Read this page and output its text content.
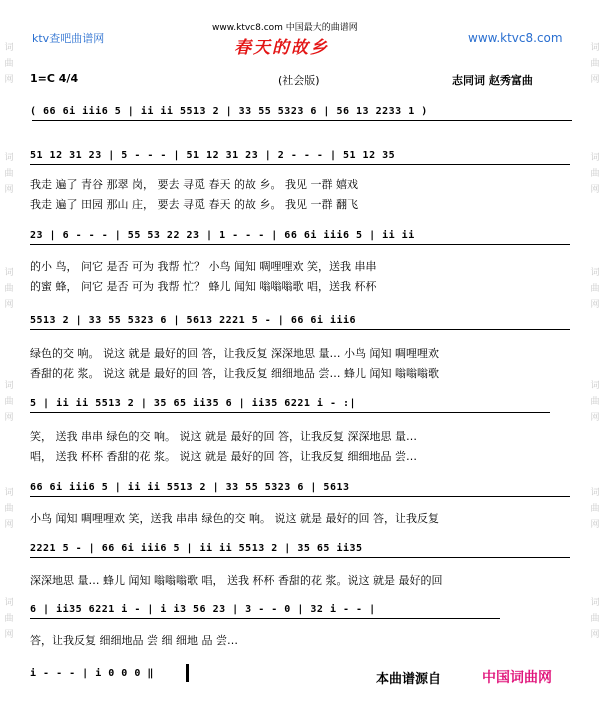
词曲网
词曲网
词曲网
词曲网
词曲网
词曲网
词曲网
词曲网
词曲网
词曲网
词曲网
词曲网
ktv查吧曲谱网
www.ktvc8.com 中国最大的曲谱网
www.ktvc8.com
春天的故乡
1=C 4/4	(社会版)	志同词 赵秀富曲
( 66 6i iii6 5 | ii ii 5513 2 | 33 55 5323 6 | 56 13 2233 1 )
51 12 31 23 | 5 - - - | 51 12 31 23 | 2 - - - | 51 12 35
我走 遍了 青谷 那翠 岗， 要去 寻觅 春天 的故 乡。 我见 一群 嬉戏
我走 遍了 田园 那山 庄， 要去 寻觅 春天 的故 乡。 我见 一群 翻飞
23 | 6 - - - | 55 53 22 23 | 1 - - - | 66 6i iii6 5 | ii ii
的小 鸟， 问它 是否 可为 我帮 忙？ 小鸟 闻知 啁哩哩欢 笑，送我 串串
的蜜 蜂， 问它 是否 可为 我帮 忙？ 蜂儿 闻知 嗡嗡嗡歌 唱，送我 杯杯
5513 2 | 33 55 5323 6 | 5613 2221 5 - | 66 6i iii6
绿色的交 响。 说这 就是 最好的回 答，让我反复 深深地思 量… 小鸟 闻知 啁哩哩欢
香甜的花 浆。 说这 就是 最好的回 答，让我反复 细细地品 尝… 蜂儿 闻知 嗡嗡嗡歌
5 | ii ii 5513 2 | 35 65 ii35 6 | ii35 6221 i - :|
笑， 送我 串串 绿色的交 响。 说这 就是 最好的回 答，让我反复 深深地思 量…
唱， 送我 杯杯 香甜的花 浆。 说这 就是 最好的回 答，让我反复 细细地品 尝…
66 6i iii6 5 | ii ii 5513 2 | 33 55 5323 6 | 5613
小鸟 闻知 啁哩哩欢 笑，送我 串串 绿色的交 响。 说这 就是 最好的回 答，让我反复
2221 5 - | 66 6i iii6 5 | ii ii 5513 2 | 35 65 ii35
深深地思 量… 蜂儿 闻知 嗡嗡嗡歌 唱， 送我 杯杯 香甜的花 浆。说这 就是 最好的回
6 | ii35 6221 i - | i i3 56 23 | 3 - - 0 | 32 i - - |
答，让我反复 细细地品 尝 细 细地 品 尝…
i - - - | i 0 0 0 ‖	本曲谱源自	中国词曲网
